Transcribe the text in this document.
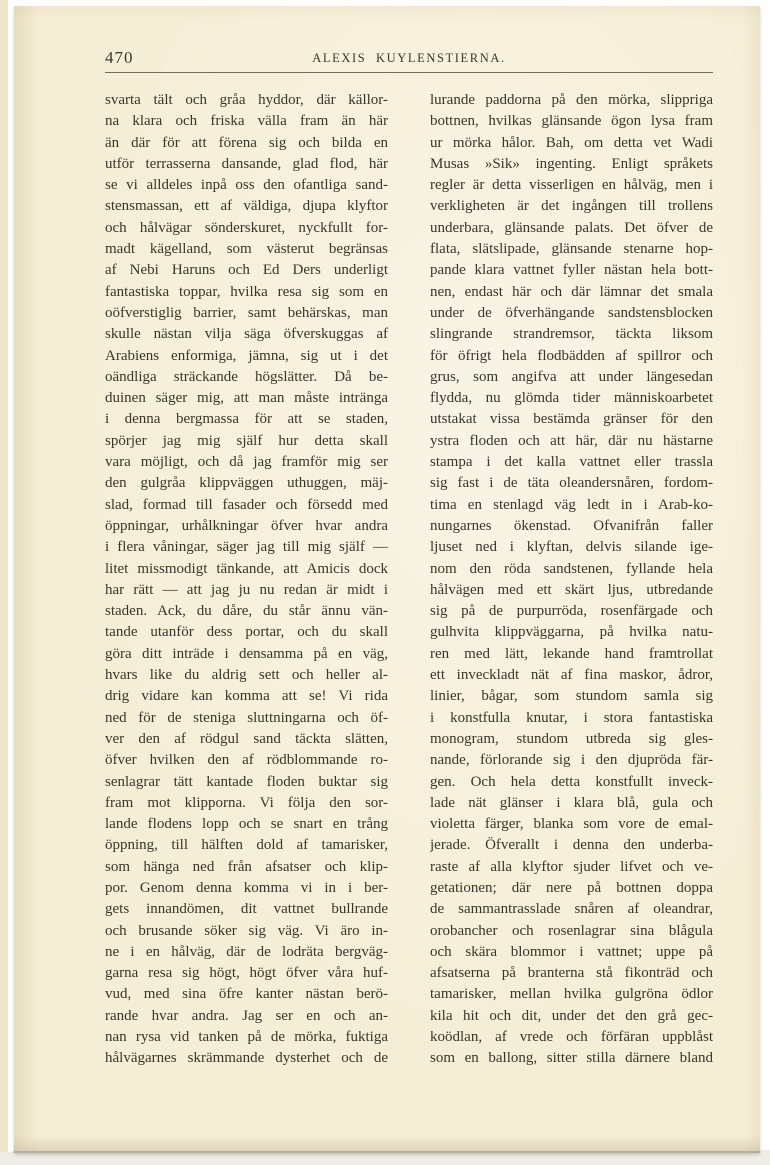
470	ALEXIS KUYLENSTIERNA.
svarta tält och gråa hyddor, där källor-
na klara och friska välla fram än här
än där för att förena sig och bilda en
utför terrasserna dansande, glad flod, här
se vi alldeles inpå oss den ofantliga sand-
stensmassan, ett af väldiga, djupa klyftor
och hålvägar sönderskuret, nyckfullt for-
madt kägelland, som västerut begränsas
af Nebi Haruns och Ed Ders underligt
fantastiska toppar, hvilka resa sig som en
oöfverstiglig barrier, samt behärskas, man
skulle nästan vilja säga öfverskuggas af
Arabiens enformiga, jämna, sig ut i det
oändliga sträckande högslätter. Då be-
duinen säger mig, att man måste intränga
i denna bergmassa för att se staden,
spörjer jag mig själf hur detta skall
vara möjligt, och då jag framför mig ser
den gulgråa klippväggen uthuggen, mäj-
slad, formad till fasader och försedd med
öppningar, urhålkningar öfver hvar andra
i flera våningar, säger jag till mig själf —
litet missmodigt tänkande, att Amicis dock
har rätt — att jag ju nu redan är midt i
staden. Ack, du dåre, du står ännu vän-
tande utanför dess portar, och du skall
göra ditt inträde i densamma på en väg,
hvars like du aldrig sett och heller al-
drig vidare kan komma att se! Vi rida
ned för de steniga sluttningarna och öf-
ver den af rödgul sand täckta slätten,
öfver hvilken den af rödblommande ro-
senlagrar tätt kantade floden buktar sig
fram mot klipporna. Vi följa den sor-
lande flodens lopp och se snart en trång
öppning, till hälften dold af tamarisker,
som hänga ned från afsatser och klip-
por. Genom denna komma vi in i ber-
gets innandömen, dit vattnet bullrande
och brusande söker sig väg. Vi äro in-
ne i en hålväg, där de lodräta bergväg-
garna resa sig högt, högt öfver våra huf-
vud, med sina öfre kanter nästan berö-
rande hvar andra. Jag ser en och an-
nan rysa vid tanken på de mörka, fuktiga
hålvägarnes skrämmande dysterhet och de
lurande paddorna på den mörka, slippriga
bottnen, hvilkas glänsande ögon lysa fram
ur mörka hålor. Bah, om detta vet Wadi
Musas »Sik» ingenting. Enligt språkets
regler är detta visserligen en hålväg, men i
verkligheten är det ingången till trollens
underbara, glänsande palats. Det öfver de
flata, slätslipade, glänsande stenarne hop-
pande klara vattnet fyller nästan hela bott-
nen, endast här och där lämnar det smala
under de öfverhängande sandstensblocken
slingrande strandremsor, täckta liksom
för öfrigt hela flodbädden af spillror och
grus, som angifva att under längesedan
flydda, nu glömda tider människoarbetet
utstakat vissa bestämda gränser för den
ystra floden och att här, där nu hästarne
stampa i det kalla vattnet eller trassla
sig fast i de täta oleandersnåren, fordom-
tima en stenlagd väg ledt in i Arab-ko-
nungarnes ökenstad. Ofvanifrån faller
ljuset ned i klyftan, delvis silande ige-
nom den röda sandstenen, fyllande hela
hålvägen med ett skärt ljus, utbredande
sig på de purpurröda, rosenfärgade och
gulhvita klippväggarna, på hvilka natu-
ren med lätt, lekande hand framtrollat
ett inveckladt nät af fina maskor, ådror,
linier, bågar, som stundom samla sig
i konstfulla knutar, i stora fantastiska
monogram, stundom utbreda sig gles-
nande, förlorande sig i den djupröda fär-
gen. Och hela detta konstfullt inveck-
lade nät glänser i klara blå, gula och
violetta färger, blanka som vore de emal-
jerade. Öfverallt i denna den underba-
raste af alla klyftor sjuder lifvet och ve-
getationen; där nere på bottnen doppa
de sammantrasslade snåren af oleandrar,
orobancher och rosenlagrar sina blågula
och skära blommor i vattnet; uppe på
afsatserna på branterna stå fikonträd och
tamarisker, mellan hvilka gulgröna ödlor
kila hit och dit, under det den grå gec-
koödlan, af vrede och förfäran uppblåst
som en ballong, sitter stilla därnere bland
